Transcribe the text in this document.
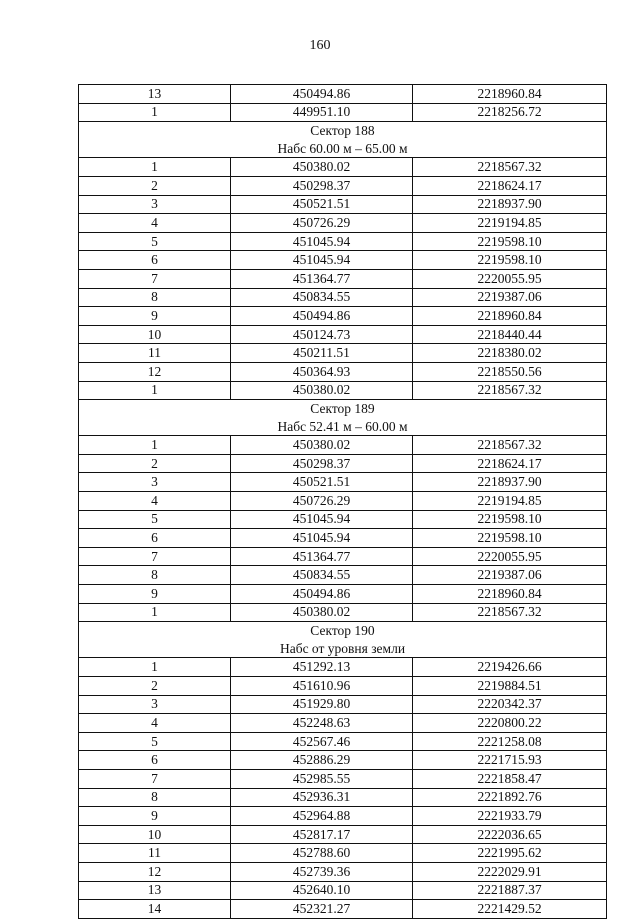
160
13	450494.86	2218960.84
1	449951.10	2218256.72

Сектор 188
Набс 60.00 м – 65.00 м		

1	450380.02	2218567.32
2	450298.37	2218624.17
3	450521.51	2218937.90
4	450726.29	2219194.85
5	451045.94	2219598.10
6	451045.94	2219598.10
7	451364.77	2220055.95
8	450834.55	2219387.06
9	450494.86	2218960.84
10	450124.73	2218440.44
11	450211.51	2218380.02
12	450364.93	2218550.56
1	450380.02	2218567.32

Сектор 189
Набс 52.41 м – 60.00 м		

1	450380.02	2218567.32
2	450298.37	2218624.17
3	450521.51	2218937.90
4	450726.29	2219194.85
5	451045.94	2219598.10
6	451045.94	2219598.10
7	451364.77	2220055.95
8	450834.55	2219387.06
9	450494.86	2218960.84
1	450380.02	2218567.32

Сектор 190
Набс от уровня земли		

1	451292.13	2219426.66
2	451610.96	2219884.51
3	451929.80	2220342.37
4	452248.63	2220800.22
5	452567.46	2221258.08
6	452886.29	2221715.93
7	452985.55	2221858.47
8	452936.31	2221892.76
9	452964.88	2221933.79
10	452817.17	2222036.65
11	452788.60	2221995.62
12	452739.36	2222029.91
13	452640.10	2221887.37
14	452321.27	2221429.52
